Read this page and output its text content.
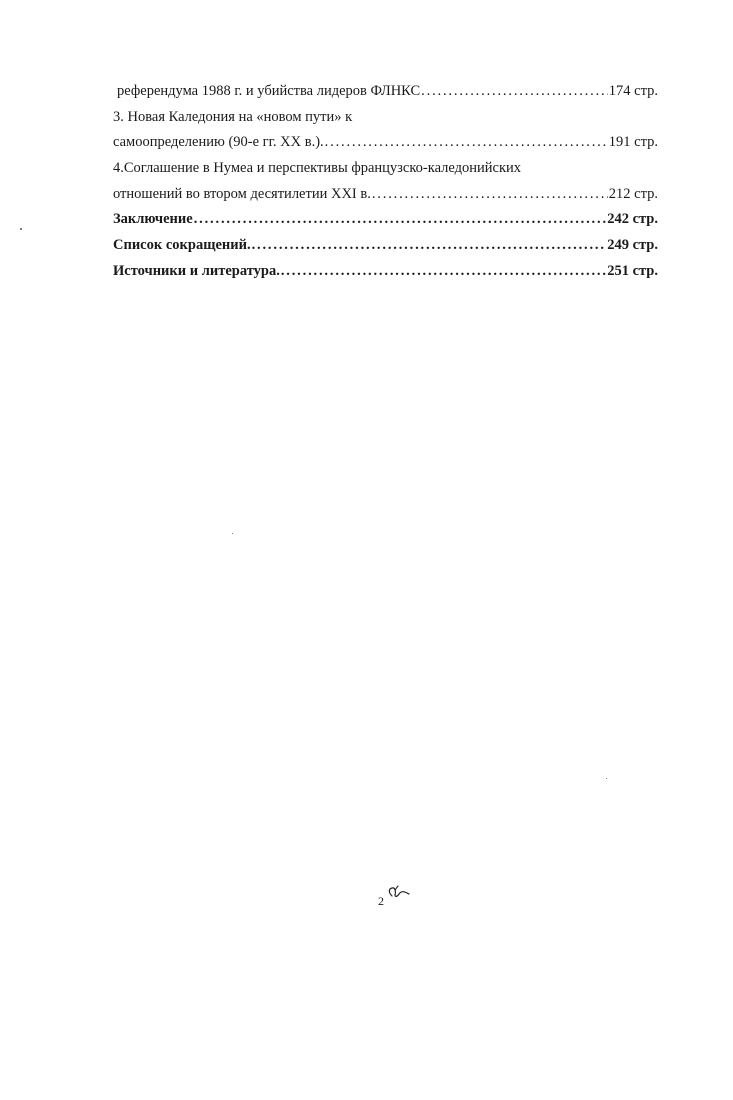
референдума 1988 г. и убийства лидеров ФЛНКС . . .	174 стр.
3. Новая Каледония на «новом пути» к
самоопределению (90-е гг. XX в.). . . .	191 стр.
4.Соглашение в Нумеа и перспективы французско-каледонийских
отношений во втором десятилетии XXI в. . . .	212 стр.
Заключение . . .	242 стр.
Список сокращений. . . .	249 стр.
Источники и литература. . . .	251 стр.
2
